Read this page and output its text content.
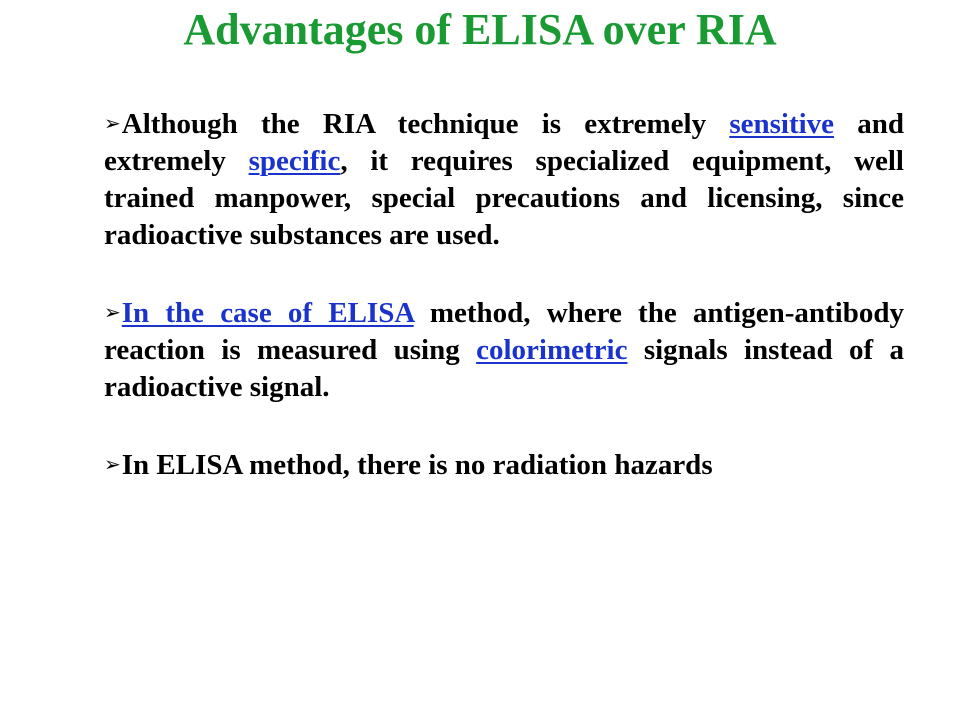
Advantages of ELISA over RIA

➢Although the RIA technique is extremely sensitive and extremely specific, it requires specialized equipment, well trained manpower, special precautions and licensing, since radioactive substances are used.

➢In the case of ELISA method, where the antigen-antibody reaction is measured using colorimetric signals instead of a radioactive signal.

➢In ELISA method, there is no radiation hazards
